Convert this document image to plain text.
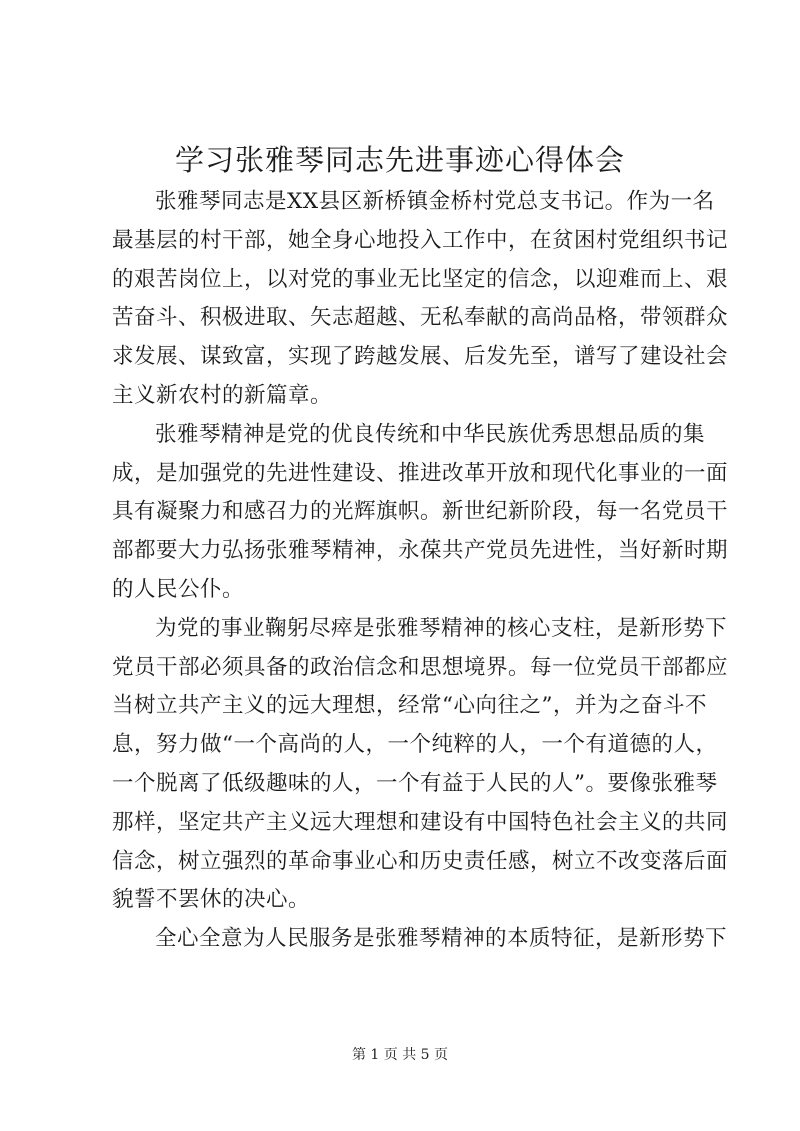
学习张雅琴同志先进事迹心得体会
张雅琴同志是XX县区新桥镇金桥村党总支书记。作为一名
最基层的村干部，她全身心地投入工作中，在贫困村党组织书记
的艰苦岗位上，以对党的事业无比坚定的信念，以迎难而上、艰
苦奋斗、积极进取、矢志超越、无私奉献的高尚品格，带领群众
求发展、谋致富，实现了跨越发展、后发先至，谱写了建设社会
主义新农村的新篇章。
张雅琴精神是党的优良传统和中华民族优秀思想品质的集
成，是加强党的先进性建设、推进改革开放和现代化事业的一面
具有凝聚力和感召力的光辉旗帜。新世纪新阶段，每一名党员干
部都要大力弘扬张雅琴精神，永葆共产党员先进性，当好新时期
的人民公仆。
为党的事业鞠躬尽瘁是张雅琴精神的核心支柱，是新形势下
党员干部必须具备的政治信念和思想境界。每一位党员干部都应
当树立共产主义的远大理想，经常“心向往之”，并为之奋斗不
息，努力做“一个高尚的人，一个纯粹的人，一个有道德的人，
一个脱离了低级趣味的人，一个有益于人民的人”。要像张雅琴
那样，坚定共产主义远大理想和建设有中国特色社会主义的共同
信念，树立强烈的革命事业心和历史责任感，树立不改变落后面
貌誓不罢休的决心。
全心全意为人民服务是张雅琴精神的本质特征，是新形势下
第 1 页 共 5 页
